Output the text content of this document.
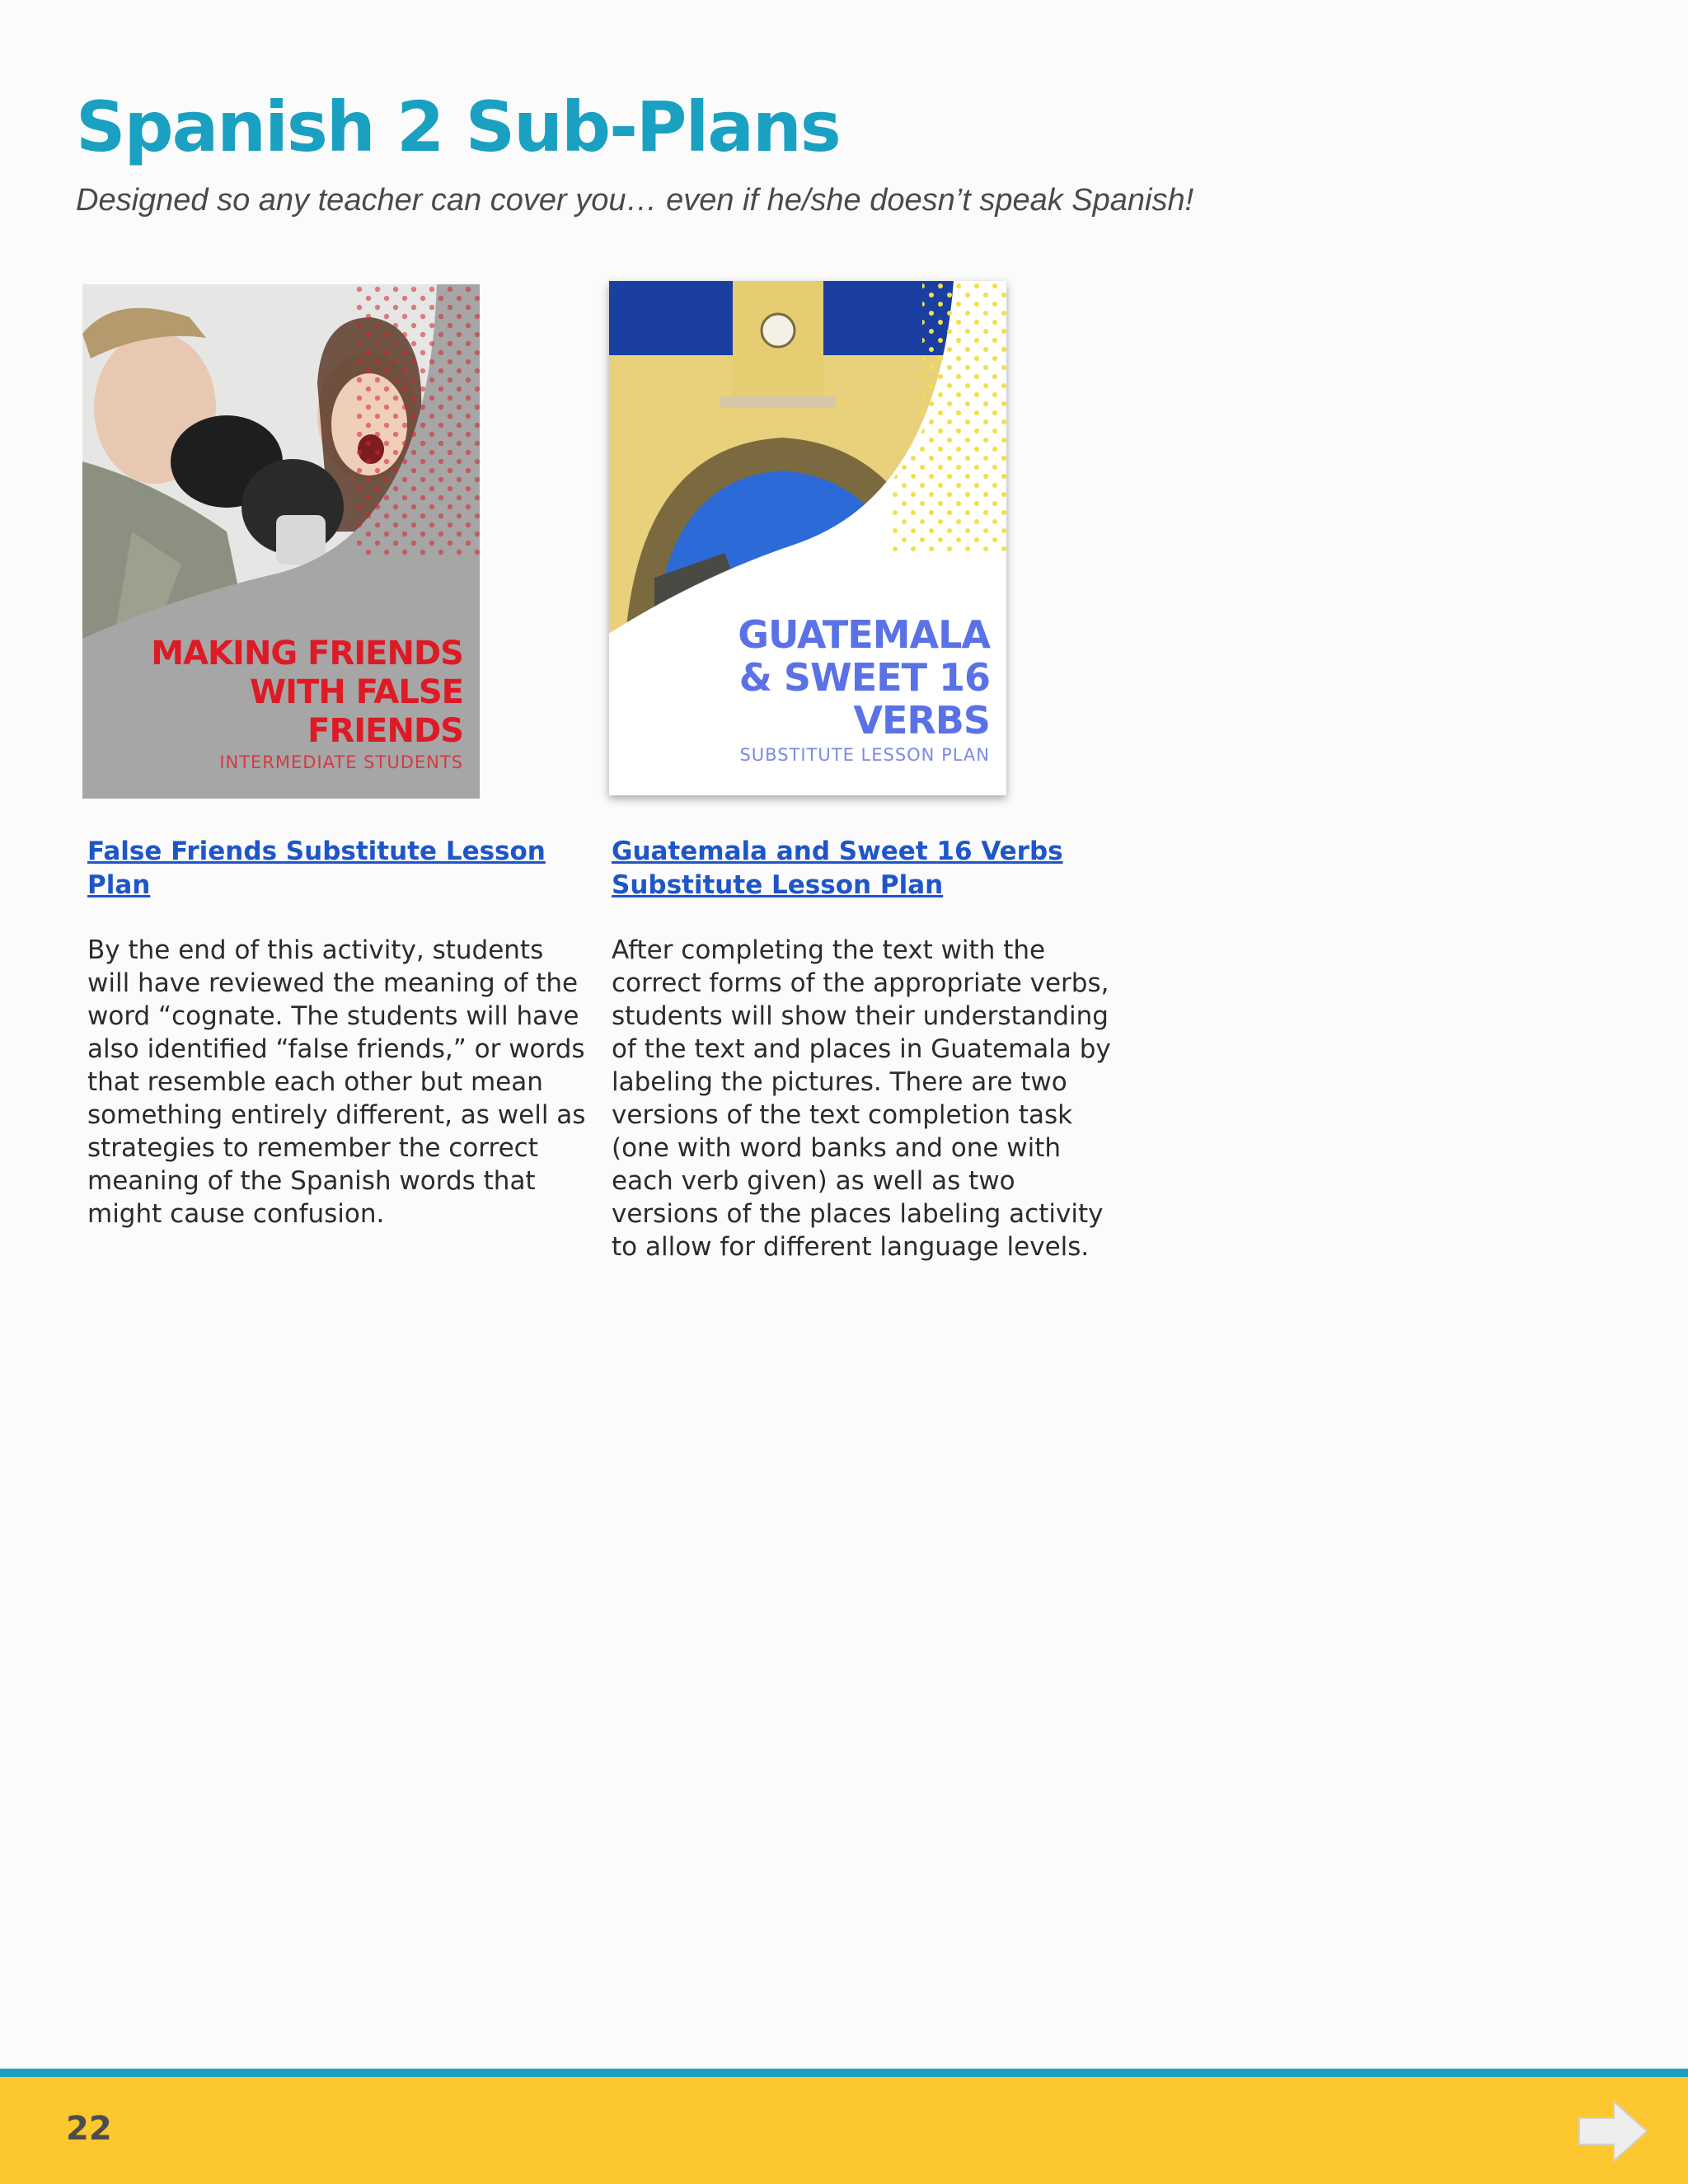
Spanish 2 Sub-Plans

Designed so any teacher can cover you… even if he/she doesn’t speak Spanish!

MAKING FRIENDS
WITH FALSE
FRIENDS

INTERMEDIATE STUDENTS

False Friends Substitute Lesson Plan

By the end of this activity, students will have reviewed the meaning of the word “cognate. The students will have also identified “false friends,” or words that resemble each other but mean something entirely different, as well as strategies to remember the correct meaning of the Spanish words that might cause confusion.

GUATEMALA
& SWEET 16
VERBS

SUBSTITUTE LESSON PLAN

Guatemala and Sweet 16 Verbs Substitute Lesson Plan

After completing the text with the correct forms of the appropriate verbs, students will show their understanding of the text and places in Guatemala by labeling the pictures. There are two versions of the text completion task (one with word banks and one with each verb given) as well as two versions of the places labeling activity to allow for different language levels.

22
